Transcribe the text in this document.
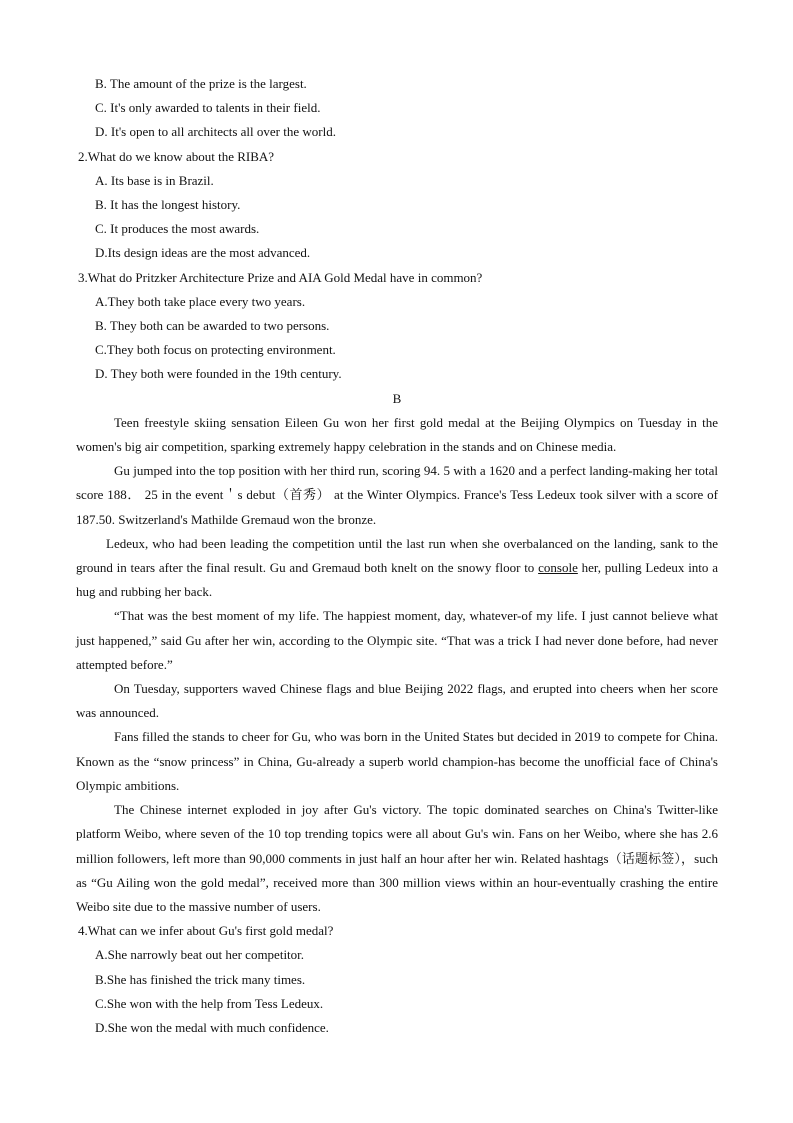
B. The amount of the prize is the largest.
C. It's only awarded to talents in their field.
D. It's open to all architects all over the world.
2.What do we know about the RIBA?
A. Its base is in Brazil.
B. It has the longest history.
C. It produces the most awards.
D.Its design ideas are the most advanced.
3.What do Pritzker Architecture Prize and AIA Gold Medal have in common?
A.They both take place every two years.
B. They both can be awarded to two persons.
C.They both focus on protecting environment.
D. They both were founded in the 19th century.
B

Teen freestyle skiing sensation Eileen Gu won her first gold medal at the Beijing Olympics on Tuesday in the women's big air competition, sparking extremely happy celebration in the stands and on Chinese media.

Gu jumped into the top position with her third run, scoring 94. 5 with a 1620 and a perfect landing-making her total score 188． 25 in the event＇s debut（首秀） at the Winter Olympics. France's Tess Ledeux took silver with a score of 187.50. Switzerland's Mathilde Gremaud won the bronze.

Ledeux, who had been leading the competition until the last run when she overbalanced on the landing, sank to the ground in tears after the final result. Gu and Gremaud both knelt on the snowy floor to console her, pulling Ledeux into a hug and rubbing her back.

“That was the best moment of my life. The happiest moment, day, whatever-of my life. I just cannot believe what just happened,” said Gu after her win, according to the Olympic site. “That was a trick I had never done before, had never attempted before.”

On Tuesday, supporters waved Chinese flags and blue Beijing 2022 flags, and erupted into cheers when her score was announced.

Fans filled the stands to cheer for Gu, who was born in the United States but decided in 2019 to compete for China. Known as the “snow princess” in China, Gu-already a superb world champion-has become the unofficial face of China's Olympic ambitions.

The Chinese internet exploded in joy after Gu's victory. The topic dominated searches on China's Twitter-like platform Weibo, where seven of the 10 top trending topics were all about Gu's win. Fans on her Weibo, where she has 2.6 million followers, left more than 90,000 comments in just half an hour after her win. Related hashtags（话题标签），such as “Gu Ailing won the gold medal”, received more than 300 million views within an hour-eventually crashing the entire Weibo site due to the massive number of users.

4.What can we infer about Gu's first gold medal?
A.She narrowly beat out her competitor.
B.She has finished the trick many times.
C.She won with the help from Tess Ledeux.
D.She won the medal with much confidence.
